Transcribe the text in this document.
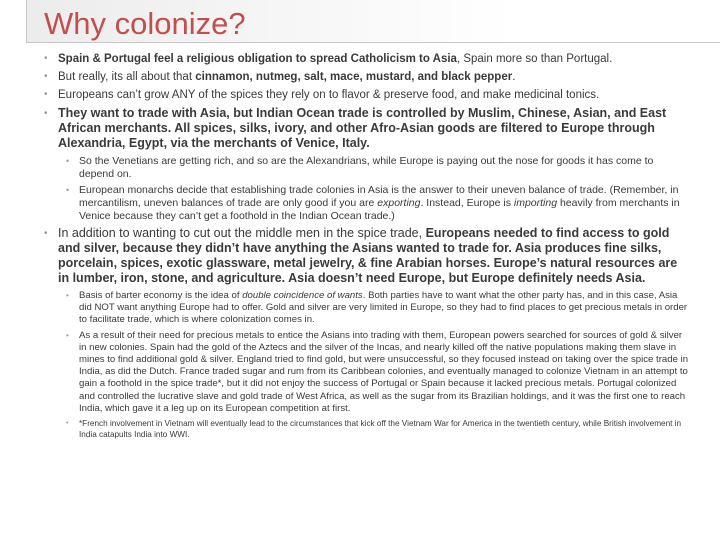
Why colonize?

• Spain & Portugal feel a religious obligation to spread Catholicism to Asia, Spain more so than Portugal.

• But really, its all about that cinnamon, nutmeg, salt, mace, mustard, and black pepper.

• Europeans can’t grow ANY of the spices they rely on to flavor & preserve food, and make medicinal tonics.

• They want to trade with Asia, but Indian Ocean trade is controlled by Muslim, Chinese, Asian, and East African merchants. All spices, silks, ivory, and other Afro-Asian goods are filtered to Europe through Alexandria, Egypt, via the merchants of Venice, Italy.

• So the Venetians are getting rich, and so are the Alexandrians, while Europe is paying out the nose for goods it has come to depend on.

• European monarchs decide that establishing trade colonies in Asia is the answer to their uneven balance of trade. (Remember, in mercantilism, uneven balances of trade are only good if you are exporting. Instead, Europe is importing heavily from merchants in Venice because they can’t get a foothold in the Indian Ocean trade.)

• In addition to wanting to cut out the middle men in the spice trade, Europeans needed to find access to gold and silver, because they didn’t have anything the Asians wanted to trade for. Asia produces fine silks, porcelain, spices, exotic glassware, metal jewelry, & fine Arabian horses. Europe’s natural resources are in lumber, iron, stone, and agriculture. Asia doesn’t need Europe, but Europe definitely needs Asia.

• Basis of barter economy is the idea of double coincidence of wants. Both parties have to want what the other party has, and in this case, Asia did NOT want anything Europe had to offer. Gold and silver are very limited in Europe, so they had to find places to get precious metals in order to facilitate trade, which is where colonization comes in.

• As a result of their need for precious metals to entice the Asians into trading with them, European powers searched for sources of gold & silver in new colonies. Spain had the gold of the Aztecs and the silver of the Incas, and nearly killed off the native populations making them slave in mines to find additional gold & silver. England tried to find gold, but were unsuccessful, so they focused instead on taking over the spice trade in India, as did the Dutch. France traded sugar and rum from its Caribbean colonies, and eventually managed to colonize Vietnam in an attempt to gain a foothold in the spice trade*, but it did not enjoy the success of Portugal or Spain because it lacked precious metals. Portugal colonized and controlled the lucrative slave and gold trade of West Africa, as well as the sugar from its Brazilian holdings, and it was the first one to reach India, which gave it a leg up on its European competition at first.

• *French involvement in Vietnam will eventually lead to the circumstances that kick off the Vietnam War for America in the twentieth century, while British involvement in India catapults India into WWI.
